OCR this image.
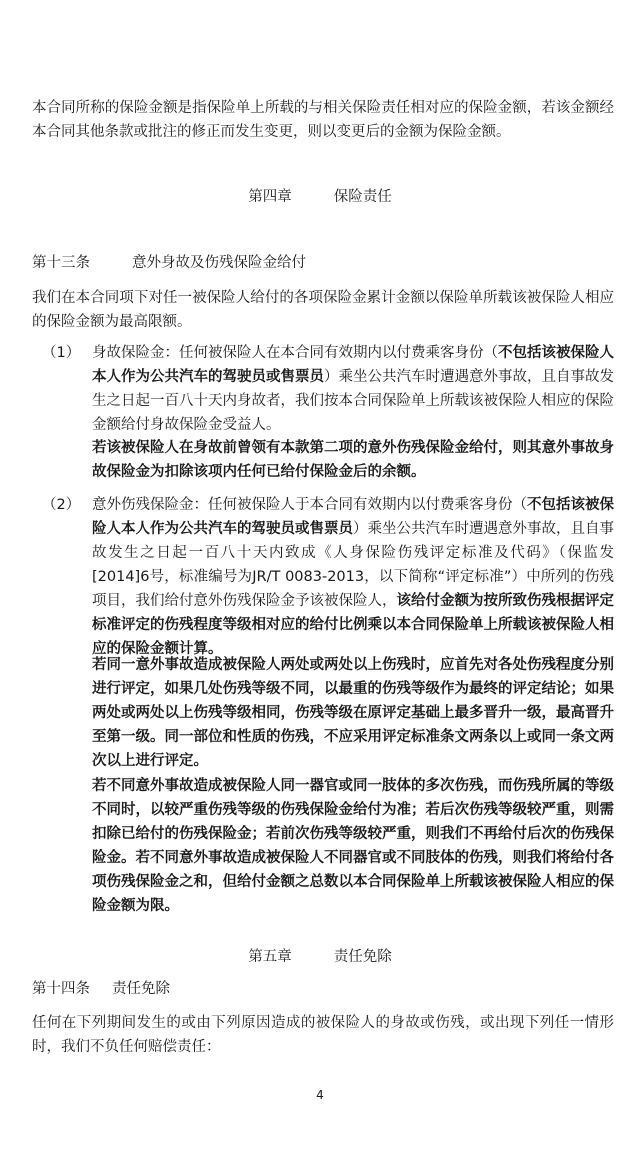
本合同所称的保险金额是指保险单上所载的与相关保险责任相对应的保险金额，若该金额经本合同其他条款或批注的修正而发生变更，则以变更后的金额为保险金额。

第四章	保险责任
第十三条	意外身故及伤残保险金给付

我们在本合同项下对任一被保险人给付的各项保险金累计金额以保险单所载该被保险人相应的保险金额为最高限额。

（1） 身故保险金：任何被保险人在本合同有效期内以付费乘客身份（不包括该被保险人本人作为公共汽车的驾驶员或售票员）乘坐公共汽车时遭遇意外事故，且自事故发生之日起一百八十天内身故者，我们按本合同保险单上所载该被保险人相应的保险金额给付身故保险金受益人。

若该被保险人在身故前曾领有本款第二项的意外伤残保险金给付，则其意外事故身故保险金为扣除该项内任何已给付保险金后的余额。

（2） 意外伤残保险金：任何被保险人于本合同有效期内以付费乘客身份（不包括该被保险人本人作为公共汽车的驾驶员或售票员）乘坐公共汽车时遭遇意外事故，且自事故发生之日起一百八十天内致成《人身保险伤残评定标准及代码》（保监发[2014]6号，标准编号为JR/T 0083-2013，以下简称“评定标准”）中所列的伤残项目，我们给付意外伤残保险金予该被保险人，该给付金额为按所致伤残根据评定标准评定的伤残程度等级相对应的给付比例乘以本合同保险单上所载该被保险人相应的保险金额计算。

若同一意外事故造成被保险人两处或两处以上伤残时，应首先对各处伤残程度分别进行评定，如果几处伤残等级不同，以最重的伤残等级作为最终的评定结论；如果两处或两处以上伤残等级相同，伤残等级在原评定基础上最多晋升一级，最高晋升至第一级。同一部位和性质的伤残，不应采用评定标准条文两条以上或同一条文两次以上进行评定。

若不同意外事故造成被保险人同一器官或同一肢体的多次伤残，而伤残所属的等级不同时，以较严重伤残等级的伤残保险金给付为准；若后次伤残等级较严重，则需扣除已给付的伤残保险金；若前次伤残等级较严重，则我们不再给付后次的伤残保险金。若不同意外事故造成被保险人不同器官或不同肢体的伤残，则我们将给付各项伤残保险金之和，但给付金额之总数以本合同保险单上所载该被保险人相应的保险金额为限。

第五章	责任免除
第十四条 责任免除

任何在下列期间发生的或由下列原因造成的被保险人的身故或伤残，或出现下列任一情形时，我们不负任何赔偿责任：

4
